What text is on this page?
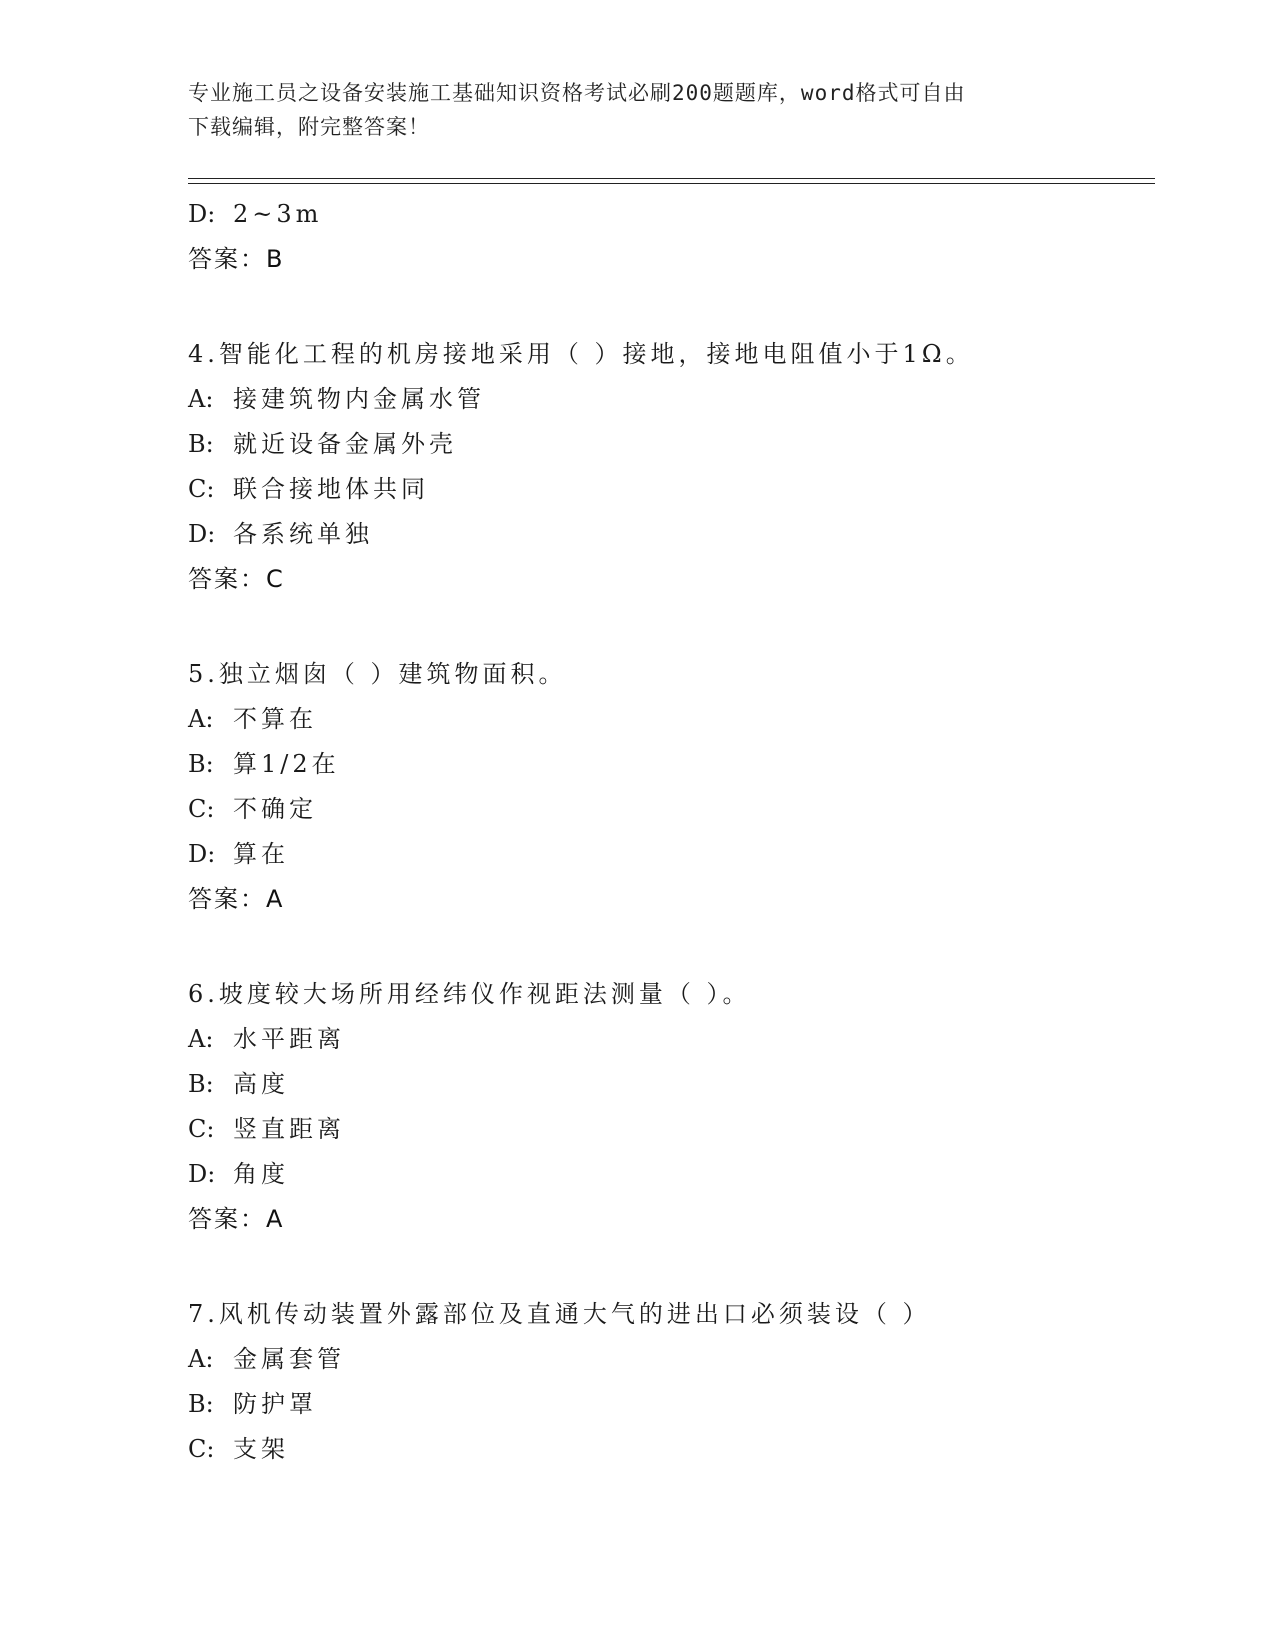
专业施工员之设备安装施工基础知识资格考试必刷200题题库，word格式可自由
下载编辑，附完整答案！
D: 2~3m
答案：B
4.智能化工程的机房接地采用（ ）接地，接地电阻值小于1Ω。
A: 接建筑物内金属水管
B: 就近设备金属外壳
C: 联合接地体共同
D: 各系统单独
答案：C
5.独立烟囱（ ）建筑物面积。
A: 不算在
B: 算1/2在
C: 不确定
D: 算在
答案：A
6.坡度较大场所用经纬仪作视距法测量（ ）。
A: 水平距离
B: 高度
C: 竖直距离
D: 角度
答案：A
7.风机传动装置外露部位及直通大气的进出口必须装设（ ）
A: 金属套管
B: 防护罩
C: 支架
